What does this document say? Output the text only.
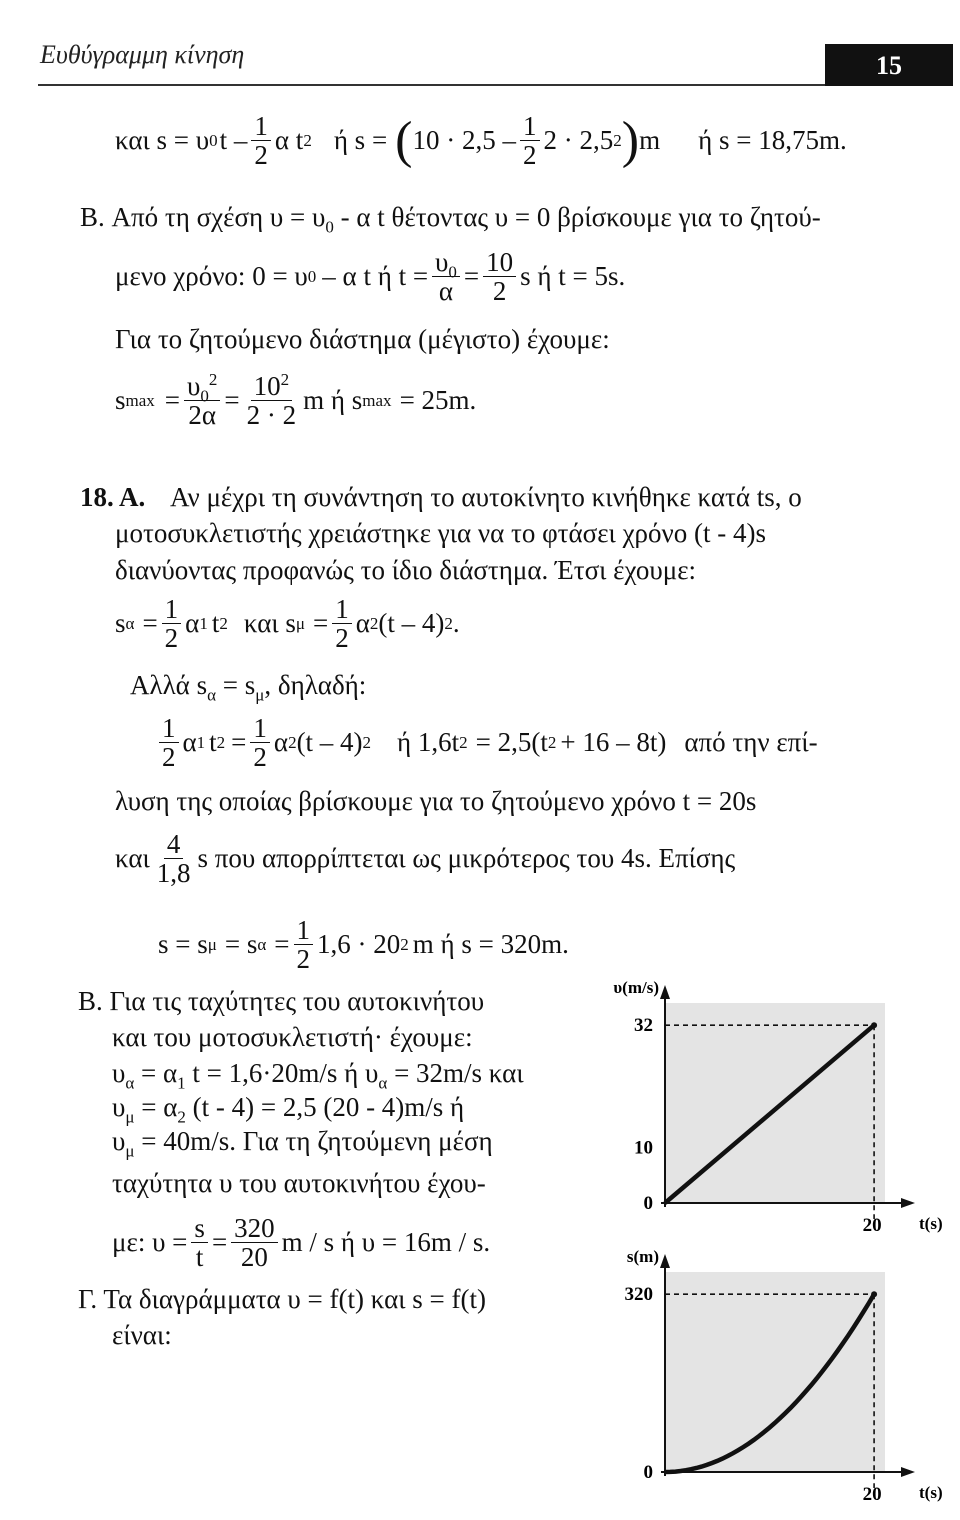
Ευθύγραμμη κίνηση	15
και s = υ 0 t – $\frac{1}{2}$ α t 2 ή s = ( $10 \cdot 2,5 - \frac{1}{2} 2 \cdot 2,5$ 2 ) m ή s = 18,75m.
B. Από τη σχέση $\upsilon = \upsilon_0 - \alpha$ t θέτοντας υ = 0 βρίσκουμε για το ζητού-
μενο χρόνο: 0 = υ 0 – α t ή $t = \frac{\upsilon_0}{\alpha} = \frac{10}{2}$ s ή t = 5s.
Για το ζητούμενο διάστημα (μέγιστο) έχουμε:
s $\max = \frac{\upsilon_0^2}{2\alpha} = \frac{10^2}{2 \cdot 2}$ m ή s max = 25m.
18. A. Αν μέχρι τη συνάντηση το αυτοκίνητο κινήθηκε κατά ts, ο
μοτοσυκλετιστής χρειάστηκε για να το φτάσει χρόνο (t - 4)s
διανύοντας προφανώς το ίδιο διάστημα. Έτσι έχουμε:
s $\alpha = \frac{1}{2}$ α 1 t 2 και s $\mu = \frac{1}{2}$ α 2 (t – 4) 2 .
Αλλά $s_\alpha = s_\mu$, δηλαδή:
$\frac{1}{2}$ α 1 t $2 = \frac{1}{2}$ α 2 (t – 4) 2 ή 1,6t 2 = 2,5(t 2 + 16 – 8t) από την επί-
λυση της οποίας βρίσκουμε για το ζητούμενο χρόνο t = 20s
και $\frac{4}{1,8}$ s που απορρίπτεται ως μικρότερος του 4s. Επίσης
s = s μ = s $\alpha = \frac{1}{2} 1,6 \cdot 20$ 2 m ή s = 320m.
B. Για τις ταχύτητες του αυτοκινήτου
και του μοτοσυκλετιστή· έχουμε:
$\upsilon_\alpha = \alpha_1$ t = 1,6·20m/s ή $\upsilon_\alpha = 32m/s$ και
$\upsilon_\mu = \alpha_2$ (t - 4) = 2,5 (20 - 4)m/s ή
$\upsilon_\mu = 40m/s$. Για τη ζητούμενη μέση
ταχύτητα υ του αυτοκινήτου έχου-
με: $\upsilon = \frac{s}{t} = \frac{320}{20}$ m / s ή υ = 16m / s.
Γ. Τα διαγράμματα υ = f(t) και s = f(t)
είναι:
υ(m/s)
t(s)
32
10
0
20
s(m)
t(s)
320
0
20
